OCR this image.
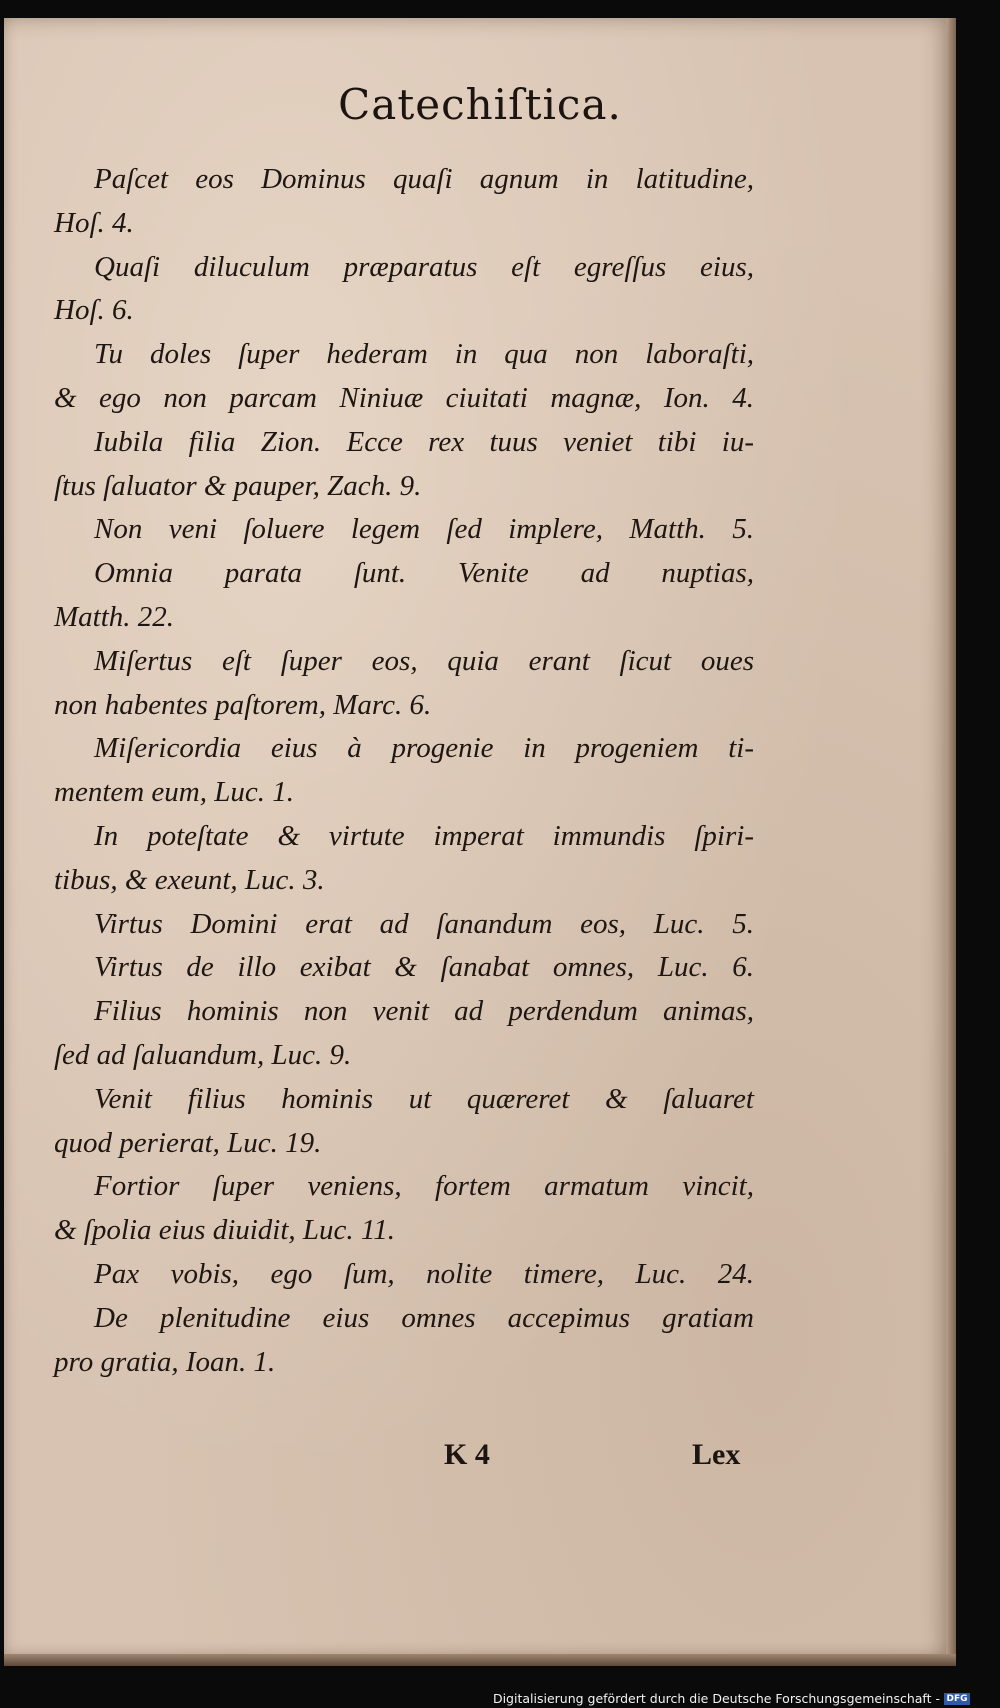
Catechiſtica.
Paſcet eos Dominus quaſi agnum in latitudine,
Hoſ. 4.
Quaſi diluculum præparatus eſt egreſſus eius,
Hoſ. 6.
Tu doles ſuper hederam in qua non laboraſti,
& ego non parcam Niniuæ ciuitati magnæ, Ion. 4.
Iubila filia Zion. Ecce rex tuus veniet tibi iu-
ſtus ſaluator & pauper, Zach. 9.
Non veni ſoluere legem ſed implere, Matth. 5.
Omnia parata ſunt. Venite ad nuptias,
Matth. 22.
Miſertus eſt ſuper eos, quia erant ſicut oues
non habentes paſtorem, Marc. 6.
Miſericordia eius à progenie in progeniem ti-
mentem eum, Luc. 1.
In poteſtate & virtute imperat immundis ſpiri-
tibus, & exeunt, Luc. 3.
Virtus Domini erat ad ſanandum eos, Luc. 5.
Virtus de illo exibat & ſanabat omnes, Luc. 6.
Filius hominis non venit ad perdendum animas,
ſed ad ſaluandum, Luc. 9.
Venit filius hominis ut quæreret & ſaluaret
quod perierat, Luc. 19.
Fortior ſuper veniens, fortem armatum vincit,
& ſpolia eius diuidit, Luc. 11.
Pax vobis, ego ſum, nolite timere, Luc. 24.
De plenitudine eius omnes accepimus gratiam
pro gratia, Ioan. 1.
K 4	Lex
Digitalisierung gefördert durch die Deutsche Forschungsgemeinschaft - DFG
